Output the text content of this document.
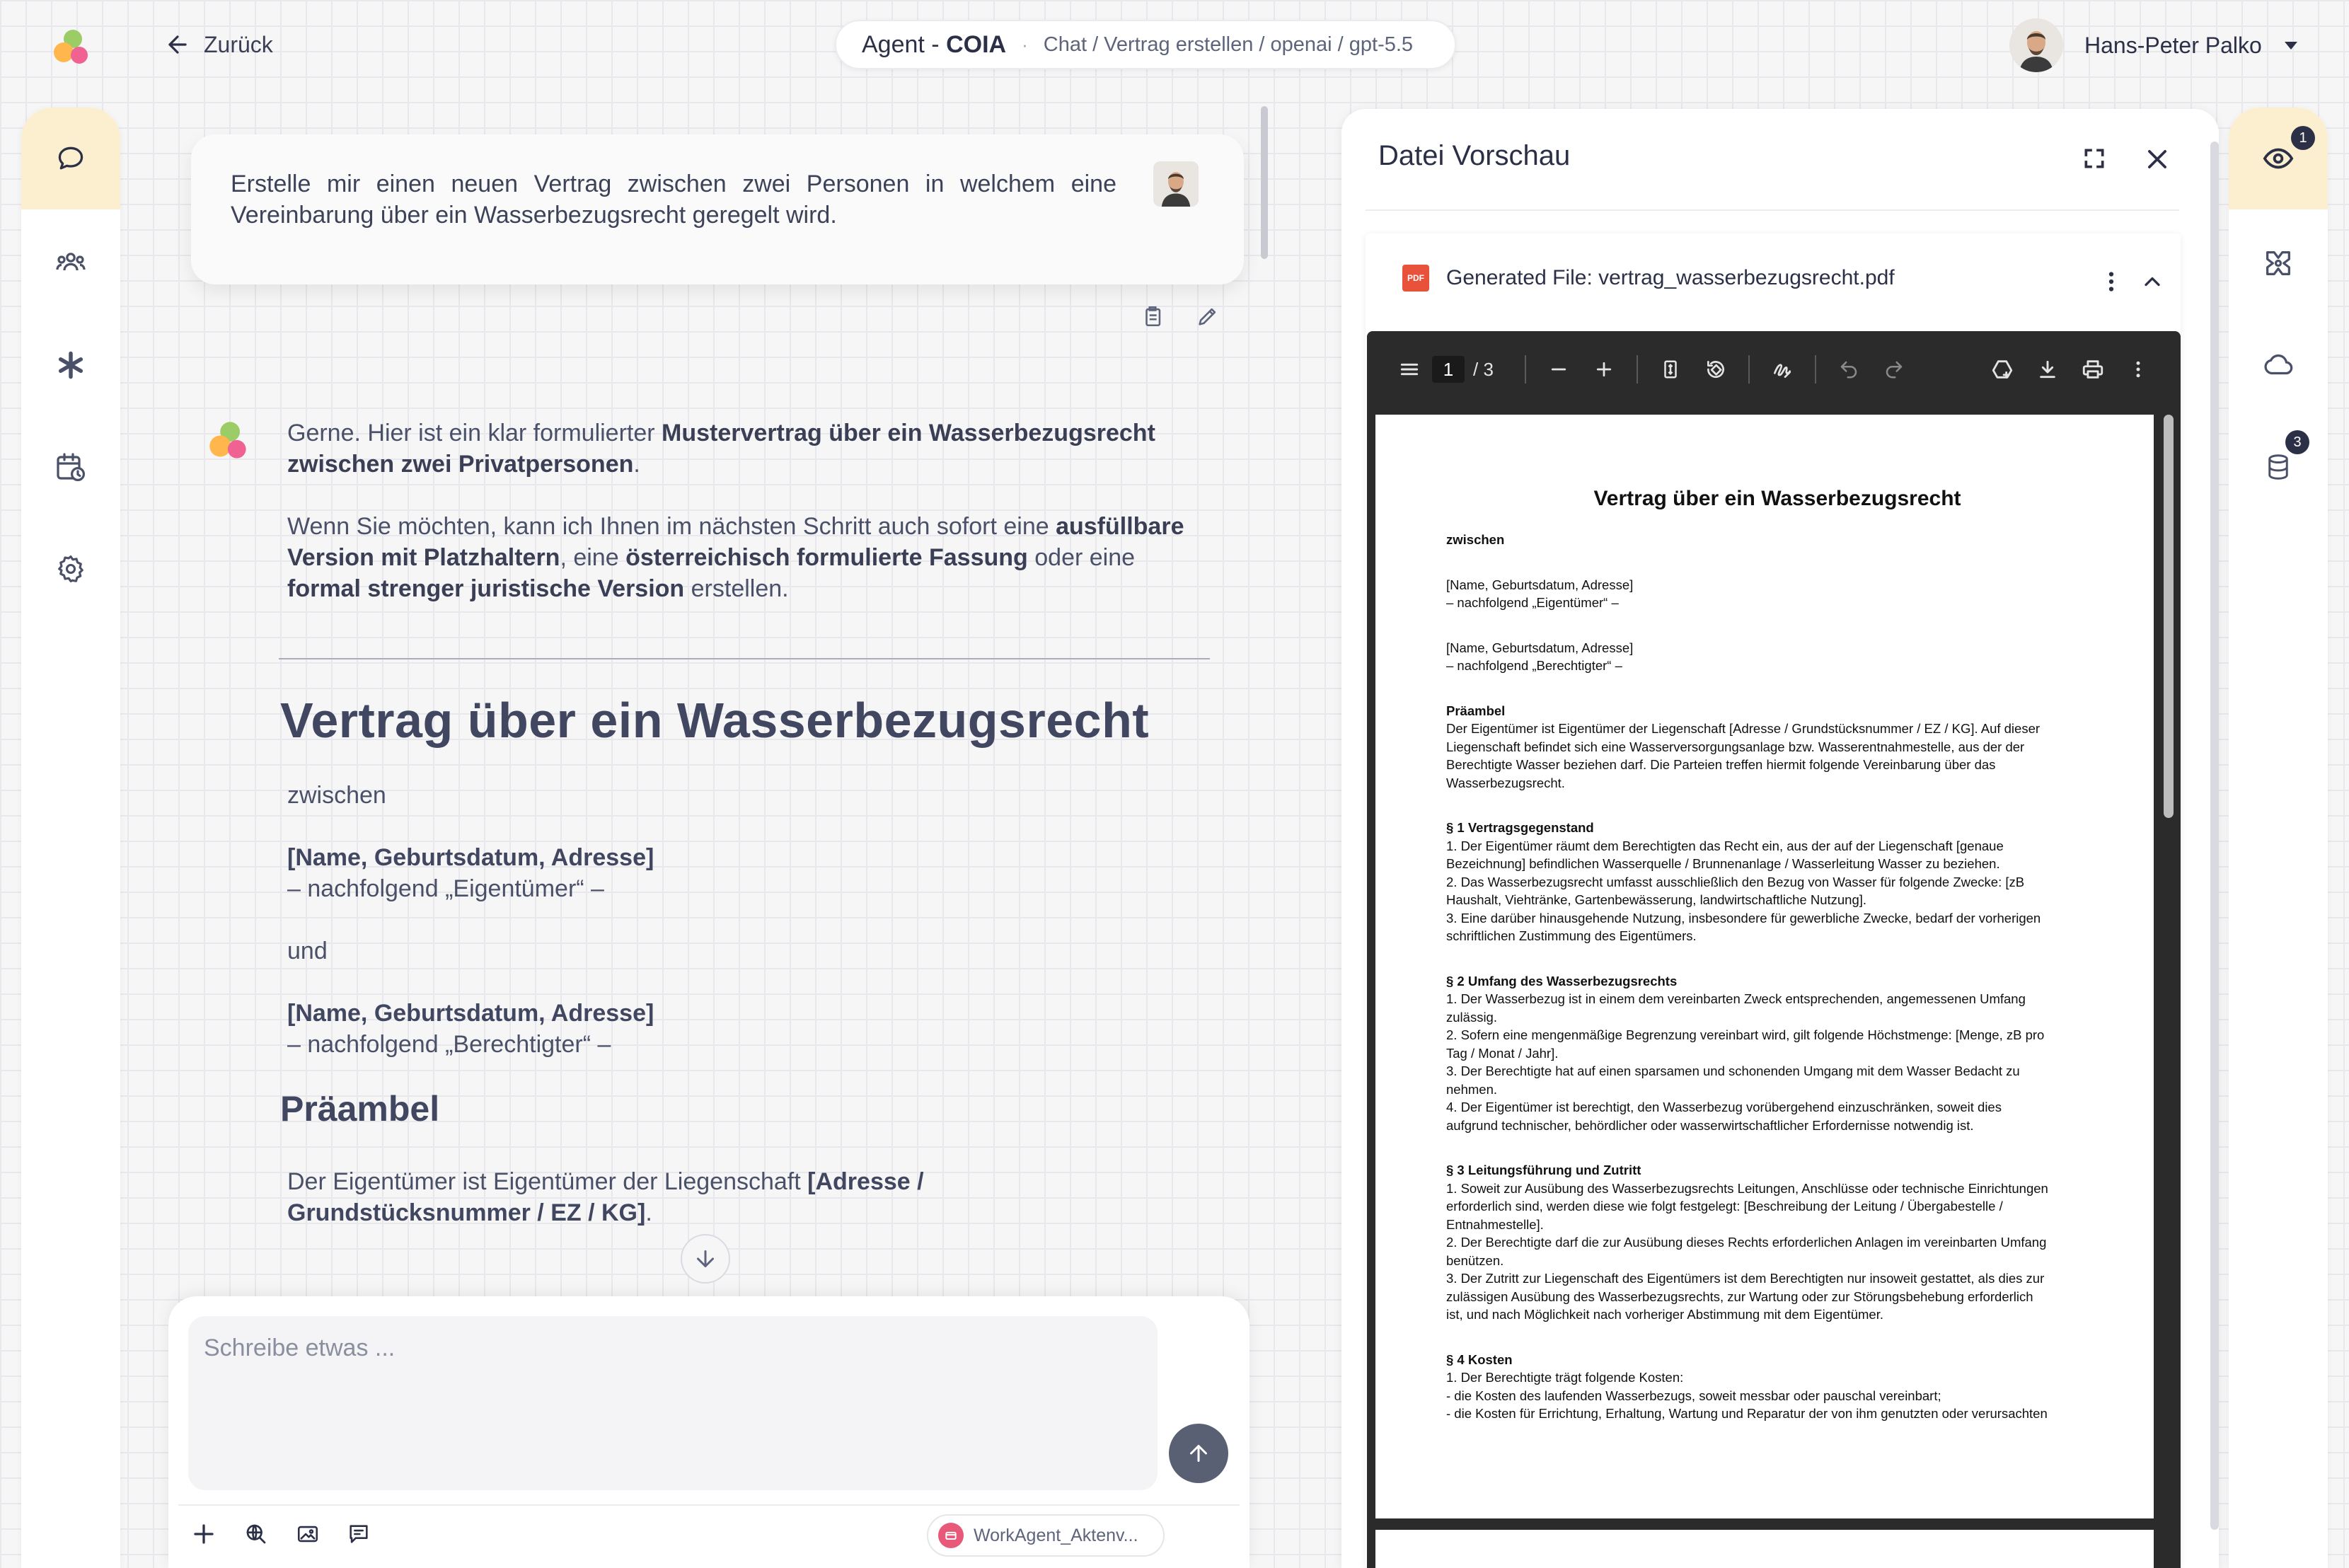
Zurück	Agent - COIA · Chat / Vertrag erstellen / openai / gpt-5.5	Hans-Peter Palko
1
3
Erstelle mir einen neuen Vertrag zwischen zwei Personen in welchem eine Vereinbarung über ein Wasserbezugsrecht geregelt wird.

Gerne. Hier ist ein klar formulierter Mustervertrag über ein Wasserbezugsrecht zwischen zwei Privatpersonen.

Wenn Sie möchten, kann ich Ihnen im nächsten Schritt auch sofort eine ausfüllbare Version mit Platzhaltern, eine österreichisch formulierte Fassung oder eine formal strenger juristische Version erstellen.

Vertrag über ein Wasserbezugsrecht
zwischen
[Name, Geburtsdatum, Adresse]
– nachfolgend „Eigentümer“ –
und
[Name, Geburtsdatum, Adresse]
– nachfolgend „Berechtigter“ –
Präambel
Der Eigentümer ist Eigentümer der Liegenschaft [Adresse / Grundstücksnummer / EZ / KG].
Schreibe etwas ...
WorkAgent_Aktenv...
Datei Vorschau
PDF Generated File: vertrag_wasserbezugsrecht.pdf
1	/ 3
Vertrag über ein Wasserbezugsrecht
zwischen
[Name, Geburtsdatum, Adresse]
– nachfolgend „Eigentümer“ –
[Name, Geburtsdatum, Adresse]
– nachfolgend „Berechtigter“ –
Präambel
Der Eigentümer ist Eigentümer der Liegenschaft [Adresse / Grundstücksnummer / EZ / KG]. Auf dieser
Liegenschaft befindet sich eine Wasserversorgungsanlage bzw. Wasserentnahmestelle, aus der der
Berechtigte Wasser beziehen darf. Die Parteien treffen hiermit folgende Vereinbarung über das
Wasserbezugsrecht.
§ 1 Vertragsgegenstand
1. Der Eigentümer räumt dem Berechtigten das Recht ein, aus der auf der Liegenschaft [genaue
Bezeichnung] befindlichen Wasserquelle / Brunnenanlage / Wasserleitung Wasser zu beziehen.
2. Das Wasserbezugsrecht umfasst ausschließlich den Bezug von Wasser für folgende Zwecke: [zB
Haushalt, Viehtränke, Gartenbewässerung, landwirtschaftliche Nutzung].
3. Eine darüber hinausgehende Nutzung, insbesondere für gewerbliche Zwecke, bedarf der vorherigen
schriftlichen Zustimmung des Eigentümers.
§ 2 Umfang des Wasserbezugsrechts
1. Der Wasserbezug ist in einem dem vereinbarten Zweck entsprechenden, angemessenen Umfang
zulässig.
2. Sofern eine mengenmäßige Begrenzung vereinbart wird, gilt folgende Höchstmenge: [Menge, zB pro
Tag / Monat / Jahr].
3. Der Berechtigte hat auf einen sparsamen und schonenden Umgang mit dem Wasser Bedacht zu
nehmen.
4. Der Eigentümer ist berechtigt, den Wasserbezug vorübergehend einzuschränken, soweit dies
aufgrund technischer, behördlicher oder wasserwirtschaftlicher Erfordernisse notwendig ist.
§ 3 Leitungsführung und Zutritt
1. Soweit zur Ausübung des Wasserbezugsrechts Leitungen, Anschlüsse oder technische Einrichtungen
erforderlich sind, werden diese wie folgt festgelegt: [Beschreibung der Leitung / Übergabestelle /
Entnahmestelle].
2. Der Berechtigte darf die zur Ausübung dieses Rechts erforderlichen Anlagen im vereinbarten Umfang
benützen.
3. Der Zutritt zur Liegenschaft des Eigentümers ist dem Berechtigten nur insoweit gestattet, als dies zur
zulässigen Ausübung des Wasserbezugsrechts, zur Wartung oder zur Störungsbehebung erforderlich
ist, und nach Möglichkeit nach vorheriger Abstimmung mit dem Eigentümer.
§ 4 Kosten
1. Der Berechtigte trägt folgende Kosten:
- die Kosten des laufenden Wasserbezugs, soweit messbar oder pauschal vereinbart;
- die Kosten für Errichtung, Erhaltung, Wartung und Reparatur der von ihm genutzten oder verursachten
